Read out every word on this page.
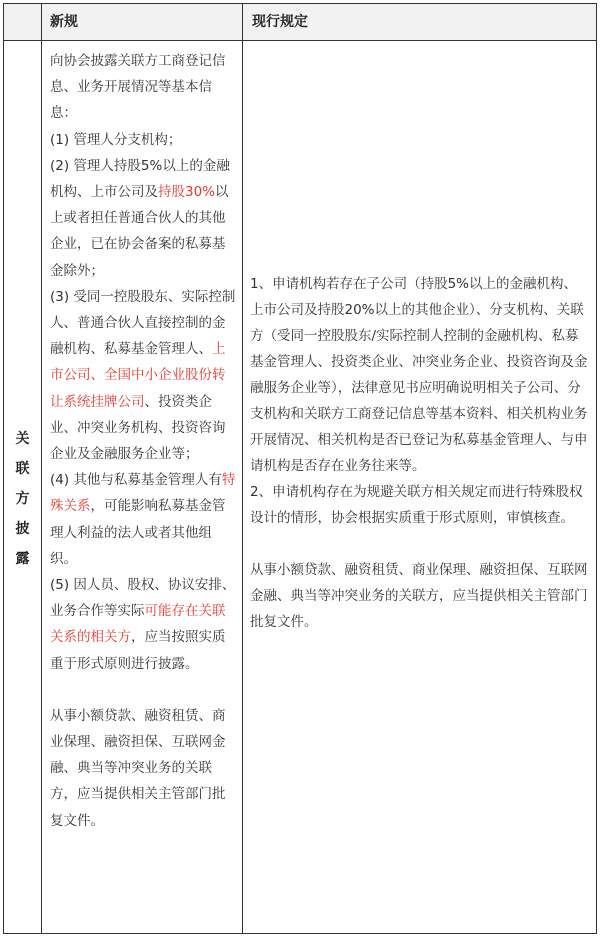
新规	现行规定
关
联
方
披
露

向协会披露关联方工商登记信息、业务开展情况等基本信息：

(1) 管理人分支机构；

(2) 管理人持股5%以上的金融机构、上市公司及持股30%以上或者担任普通合伙人的其他企业，已在协会备案的私募基金除外；

(3) 受同一控股股东、实际控制人、普通合伙人直接控制的金融机构、私募基金管理人、上市公司、全国中小企业股份转让系统挂牌公司、投资类企业、冲突业务机构、投资咨询企业及金融服务企业等；

(4) 其他与私募基金管理人有特殊关系，可能影响私募基金管理人利益的法人或者其他组织。

(5) 因人员、股权、协议安排、业务合作等实际可能存在关联关系的相关方，应当按照实质重于形式原则进行披露。

从事小额贷款、融资租赁、商业保理、融资担保、互联网金融、典当等冲突业务的关联方，应当提供相关主管部门批复文件。

1、申请机构若存在子公司（持股5%以上的金融机构、上市公司及持股20%以上的其他企业）、分支机构、关联方（受同一控股股东/实际控制人控制的金融机构、私募基金管理人、投资类企业、冲突业务企业、投资咨询及金融服务企业等），法律意见书应明确说明相关子公司、分支机构和关联方工商登记信息等基本资料、相关机构业务开展情况、相关机构是否已登记为私募基金管理人、与申请机构是否存在业务往来等。

2、申请机构存在为规避关联方相关规定而进行特殊股权设计的情形，协会根据实质重于形式原则，审慎核查。

从事小额贷款、融资租赁、商业保理、融资担保、互联网金融、典当等冲突业务的关联方，应当提供相关主管部门批复文件。
